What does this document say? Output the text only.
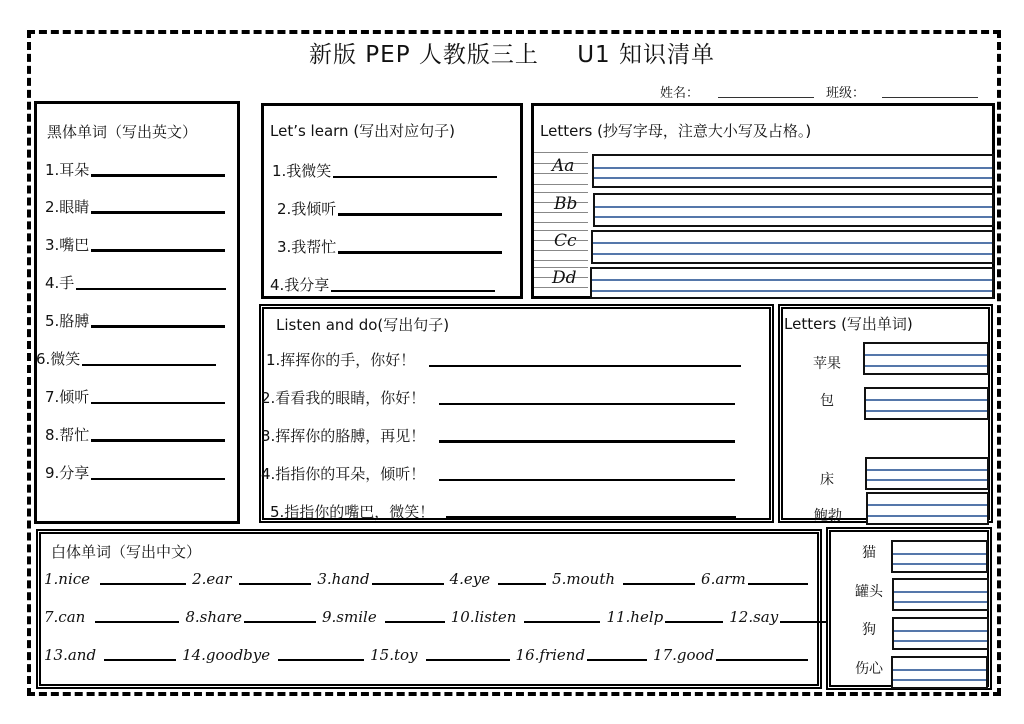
新版 PEP 人教版三上 U1 知识清单
姓名：	班级：
黑体单词（写出英文）
1.耳朵
2.眼睛
3.嘴巴
4.手
5.胳膊
6.微笑
7.倾听
8.帮忙
9.分享
Let’s learn (写出对应句子)
1.我微笑
2.我倾听
3.我帮忙
4.我分享
Letters (抄写字母，注意大小写及占格。)
Aa
Bb
Cc
Dd
Listen and do(写出句子)
1.挥挥你的手，你好！
2.看看我的眼睛，你好！
3.挥挥你的胳膊，再见！
4.指指你的耳朵，倾听！
5.指指你的嘴巴，微笑！
Letters (写出单词)
苹果
包
床
鲍勃
白体单词（写出中文）
1.nice	2.ear	3.hand	4.eye	5.mouth	6.arm
7.can	8.share	9.smile	10.listen	11.help	12.say
13.and	14.goodbye	15.toy	16.friend	17.good
猫
罐头
狗
伤心
